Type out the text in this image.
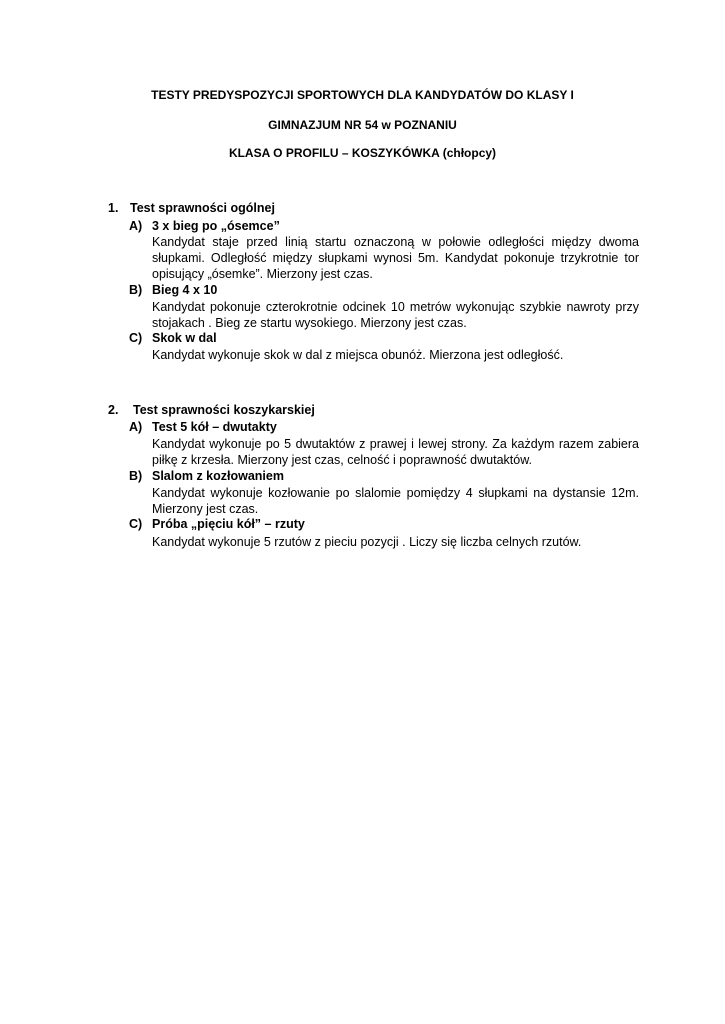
TESTY PREDYSPOZYCJI SPORTOWYCH DLA KANDYDATÓW DO KLASY I
GIMNAZJUM NR 54 w POZNANIU
KLASA O PROFILU – KOSZYKÓWKA (chłopcy)
1. Test sprawności ogólnej
A) 3 x bieg po „ósemce”
Kandydat staje przed linią startu oznaczoną w połowie odległości między dwoma
słupkami. Odległość między słupkami wynosi 5m. Kandydat pokonuje trzykrotnie tor
opisujący „ósemke”. Mierzony jest czas.
B) Bieg 4 x 10
Kandydat pokonuje czterokrotnie odcinek 10 metrów wykonując szybkie nawroty przy
stojakach . Bieg ze startu wysokiego. Mierzony jest czas.
C) Skok w dal
Kandydat wykonuje skok w dal z miejsca obunóż. Mierzona jest odległość.
2. Test sprawności koszykarskiej
A) Test 5 kół – dwutakty
Kandydat wykonuje po 5 dwutaktów z prawej i lewej strony. Za każdym razem zabiera
piłkę z krzesła. Mierzony jest czas, celność i poprawność dwutaktów.
B) Slalom z kozłowaniem
Kandydat wykonuje kozłowanie po slalomie pomiędzy 4 słupkami na dystansie 12m.
Mierzony jest czas.
C) Próba „pięciu kół” – rzuty
Kandydat wykonuje 5 rzutów z pieciu pozycji . Liczy się liczba celnych rzutów.
